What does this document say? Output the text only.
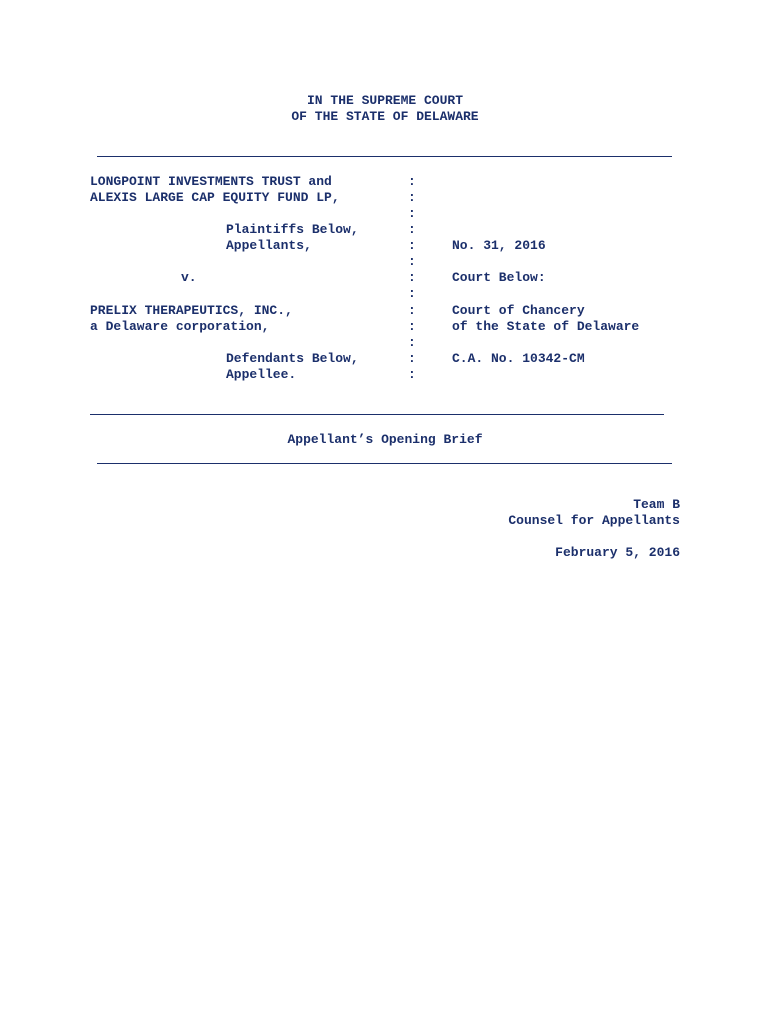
IN THE SUPREME COURT
OF THE STATE OF DELAWARE
LONGPOINT INVESTMENTS TRUST and
ALEXIS LARGE CAP EQUITY FUND LP,
Plaintiffs Below,
Appellants,
v.
PRELIX THERAPEUTICS, INC.,
a Delaware corporation,
Defendants Below,
Appellee.
:
:
:
:
:
:
:
:
:
:
:
:
:
No. 31, 2016
Court Below:
Court of Chancery
of the State of Delaware
C.A. No. 10342-CM
Appellant’s Opening Brief
Team B
Counsel for Appellants
February 5, 2016
